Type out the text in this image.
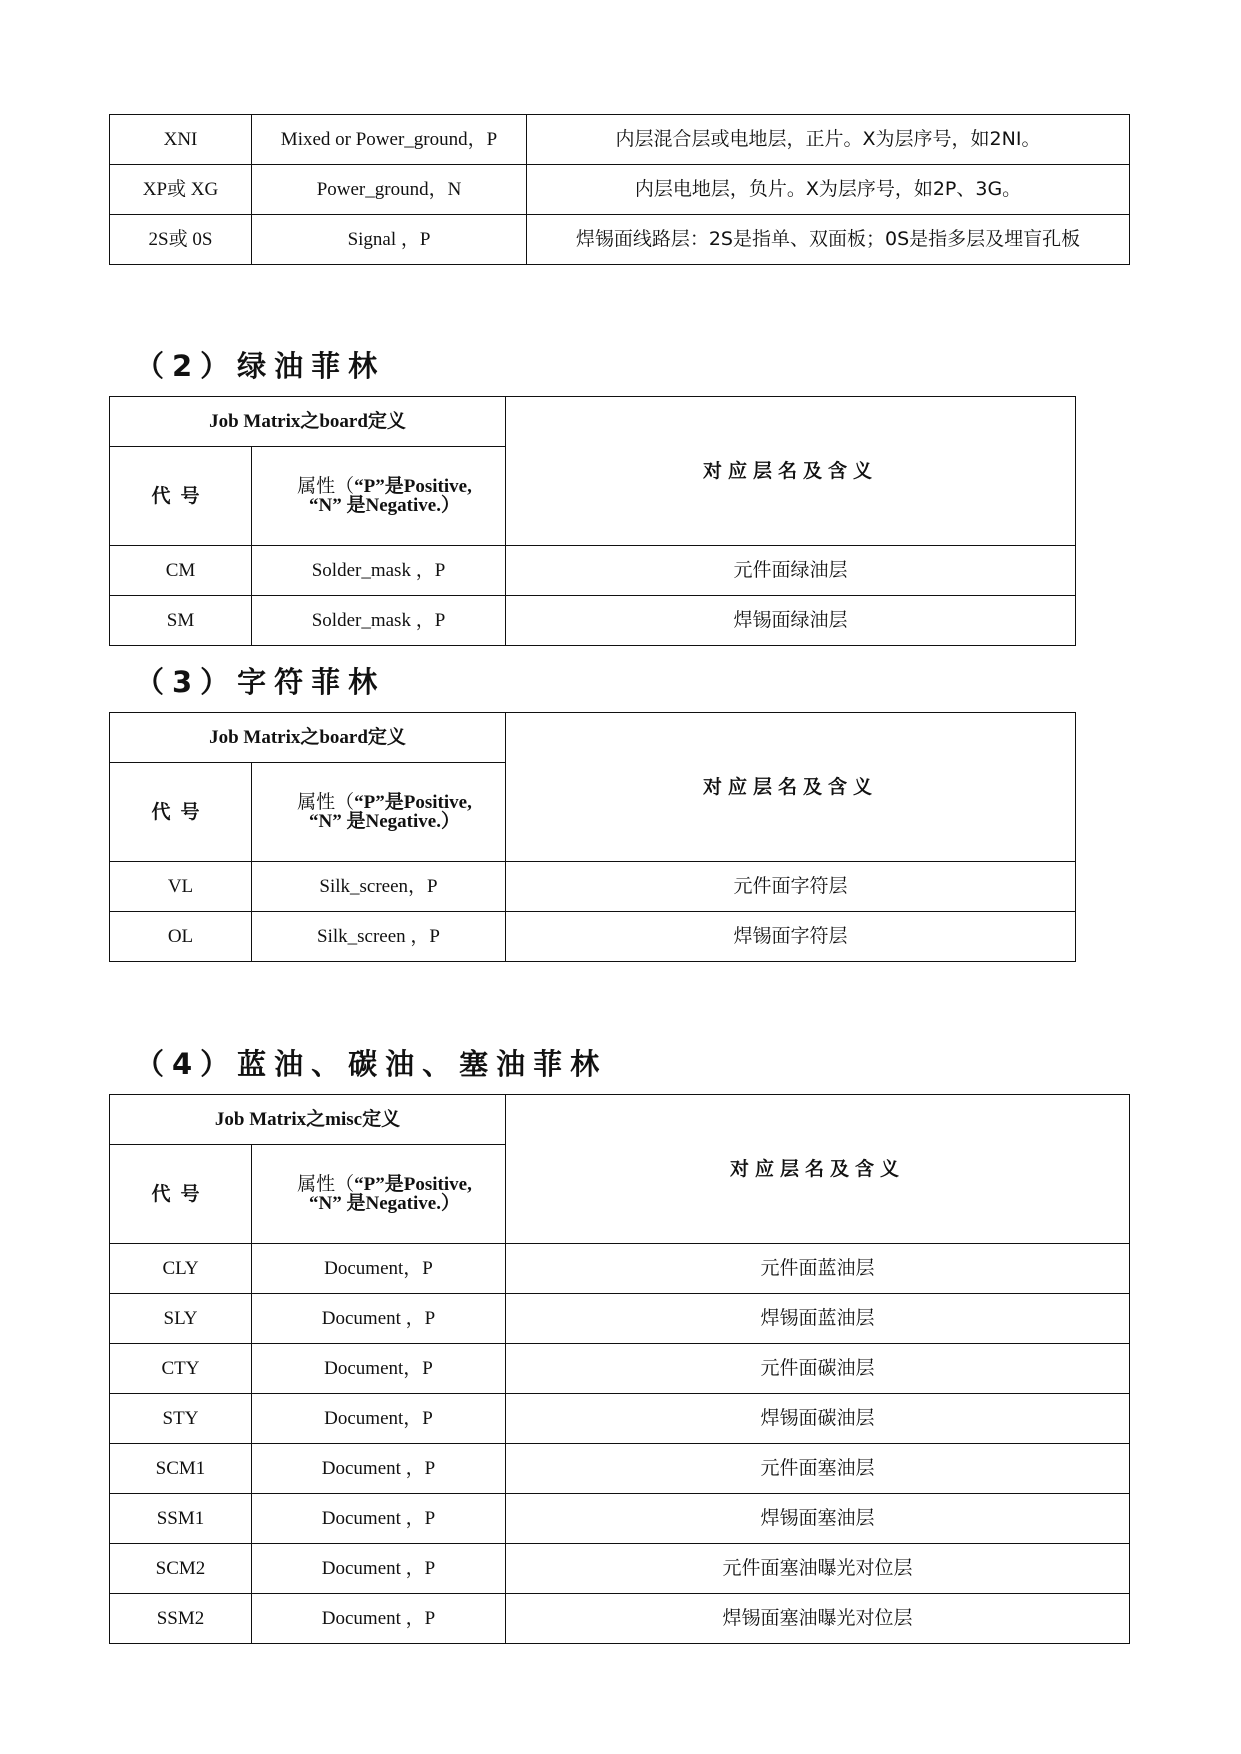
XNI	Mixed or Power_ground，P	内层混合层或电地层，正片。X为层序号，如2NI。
XP或 XG	Power_ground，N	内层电地层，负片。X为层序号，如2P、3G。
2S或 0S	Signal ，P	焊锡面线路层：2S是指单、双面板；0S是指多层及埋盲孔板
（2）绿油菲林
Job Matrix之board定义		对应层名及含义
代号	属性（“P”是Positive,
“N” 是Negative.）	
CM	Solder_mask ，P	元件面绿油层
SM	Solder_mask ，P	焊锡面绿油层
（3）字符菲林
Job Matrix之board定义		对应层名及含义
代号	属性（“P”是Positive,
“N” 是Negative.）	
VL	Silk_screen，P	元件面字符层
OL	Silk_screen ，P	焊锡面字符层
（4）蓝油、碳油、塞油菲林
Job Matrix之misc定义		对应层名及含义
代号	属性（“P”是Positive,
“N” 是Negative.）	
CLY	Document，P	元件面蓝油层
SLY	Document ，P	焊锡面蓝油层
CTY	Document，P	元件面碳油层
STY	Document，P	焊锡面碳油层
SCM1	Document ，P	元件面塞油层
SSM1	Document ，P	焊锡面塞油层
SCM2	Document ，P	元件面塞油曝光对位层
SSM2	Document ，P	焊锡面塞油曝光对位层
